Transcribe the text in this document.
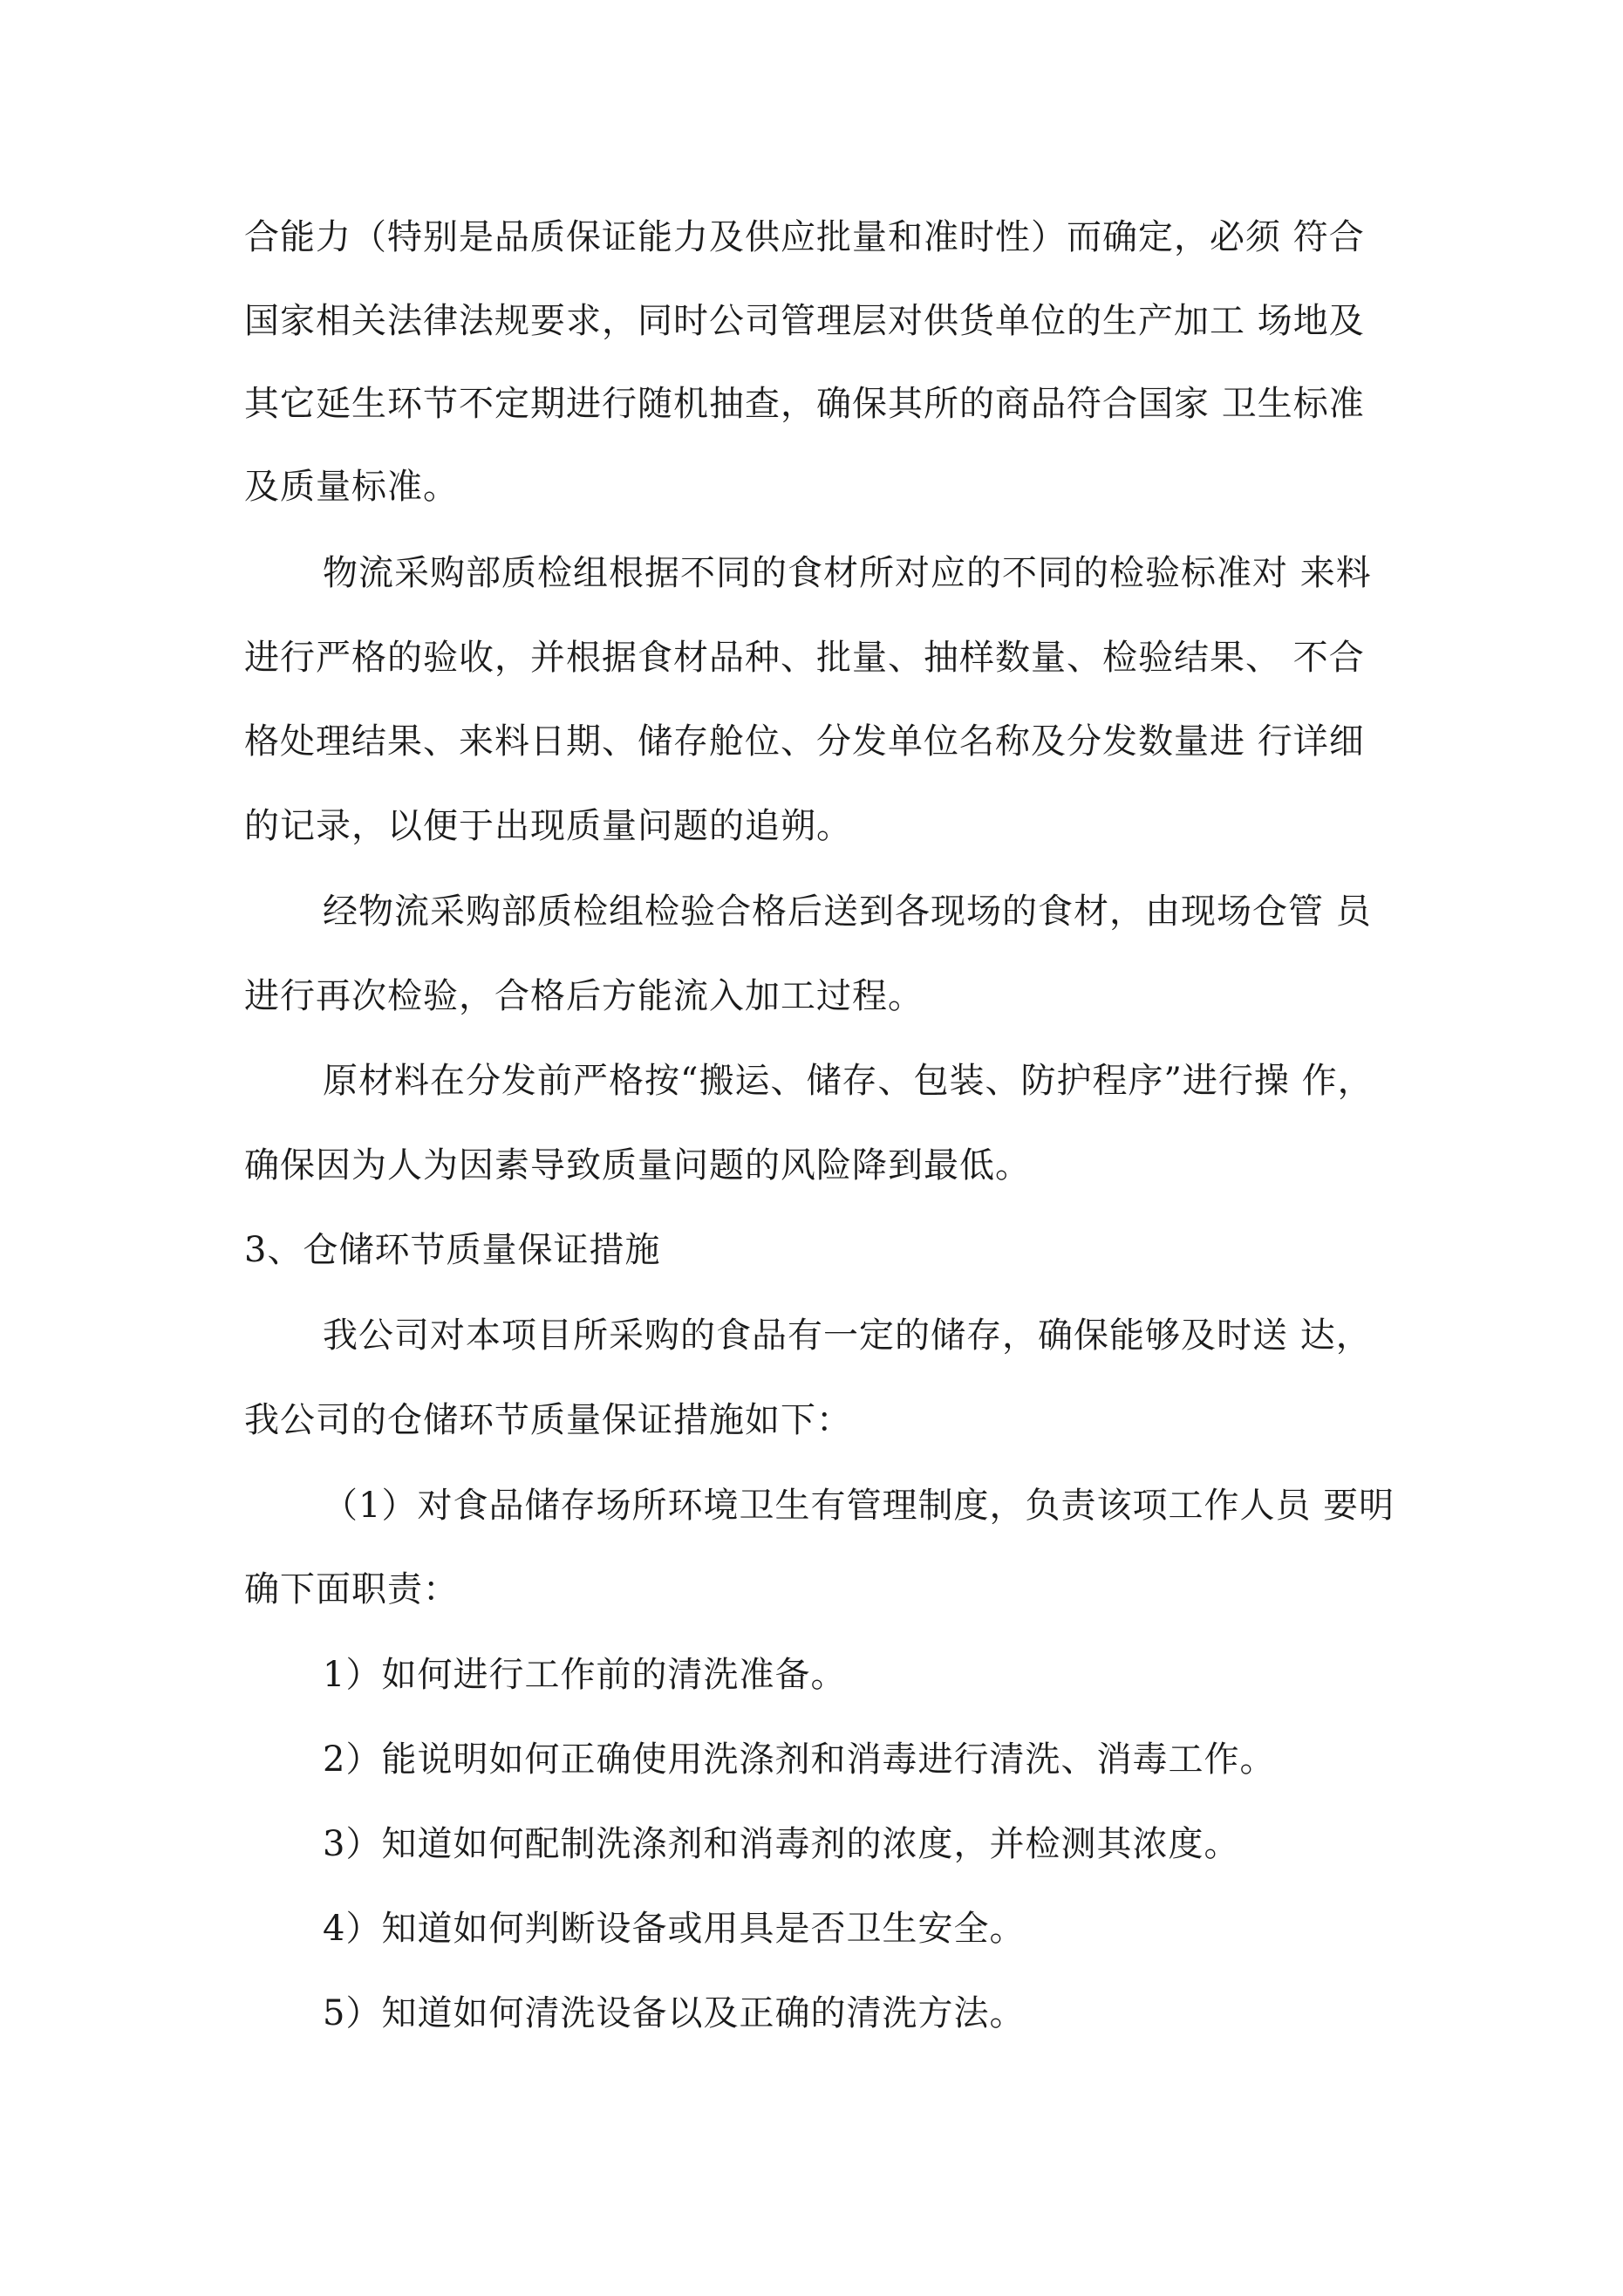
合能力（特别是品质保证能力及供应批量和准时性）而确定，必须 符合

国家相关法律法规要求，同时公司管理层对供货单位的生产加工 场地及

其它延生环节不定期进行随机抽查，确保其所的商品符合国家 卫生标准

及质量标准。

物流采购部质检组根据不同的食材所对应的不同的检验标准对 来料

进行严格的验收，并根据食材品种、批量、抽样数量、检验结果、 不合

格处理结果、来料日期、储存舱位、分发单位名称及分发数量进 行详细

的记录，以便于出现质量问题的追朔。

经物流采购部质检组检验合格后送到各现场的食材，由现场仓管 员

进行再次检验，合格后方能流入加工过程。

原材料在分发前严格按“搬运、储存、包装、防护程序”进行操 作，

确保因为人为因素导致质量问题的风险降到最低。

3、仓储环节质量保证措施

我公司对本项目所采购的食品有一定的储存，确保能够及时送 达，

我公司的仓储环节质量保证措施如下：

（1）对食品储存场所环境卫生有管理制度，负责该项工作人员 要明

确下面职责：

1）如何进行工作前的清洗准备。

2）能说明如何正确使用洗涤剂和消毒进行清洗、消毒工作。

3）知道如何配制洗涤剂和消毒剂的浓度，并检测其浓度。

4）知道如何判断设备或用具是否卫生安全。

5）知道如何清洗设备以及正确的清洗方法。
